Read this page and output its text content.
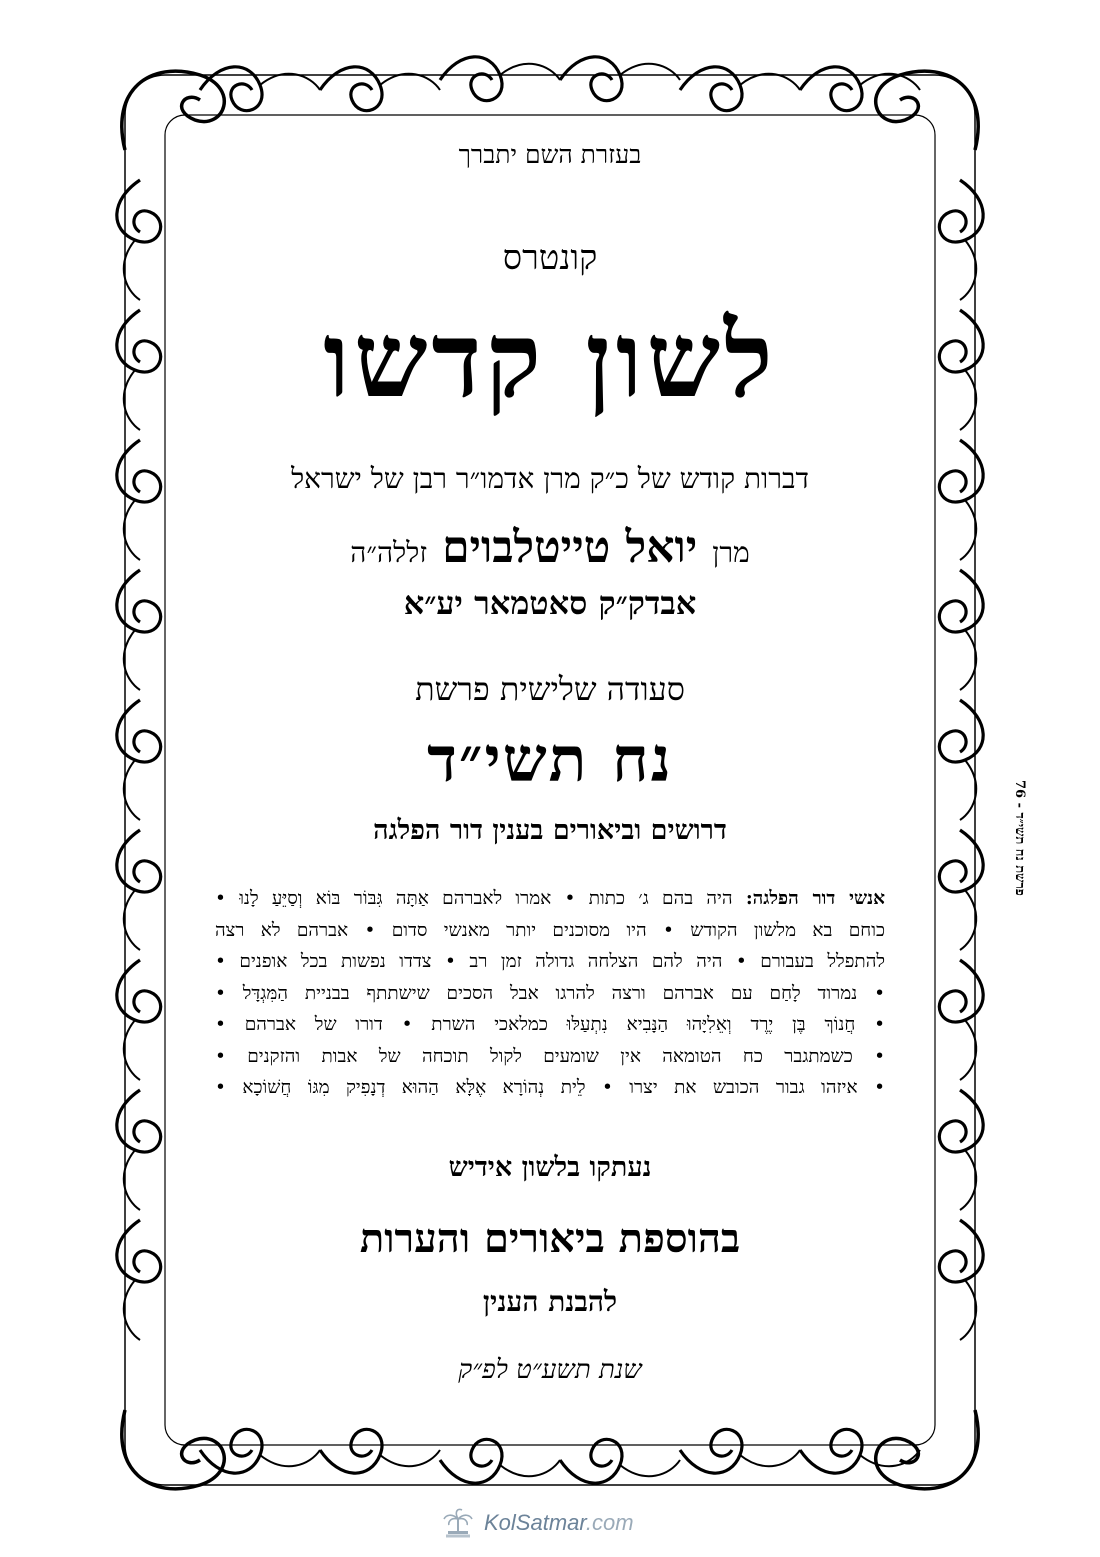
בעזרת השם יתברך
קונטרס
לשון קדשו
דברות קודש של כ״ק מרן אדמו״ר רבן של ישראל
מרן יואל טייטלבוים זללה״ה
אבדק״ק סאטמאר יע״א
סעודה שלישית פרשת
נח תשי״ד
דרושים וביאורים בענין דור הפלגה
אנשי דור הפלגה: היה בהם ג׳ כתות • אמרו לאברהם אַתָּה גִּבּוֹר בּוֹא וְסַיֵּעַ לָנוּ •
כוחם בא מלשון הקודש • היו מסוכנים יותר מאנשי סדום • אברהם לא רצה
להתפלל בעבורם • היה להם הצלחה גדולה זמן רב • צדדו נפשות בכל אופנים •
• נמרוד לָחַם עם אברהם ורצה להרגו אבל הסכים שישתתף בבניית הַמִּגְדָּל •
• חֲנוֹךְ בֶּן יֶרֶד וְאֵלִיָּהוּ הַנָּבִיא נִתְעַלּוּ כמלאכי השרת • דורו של אברהם •
• כשמתגבר כח הטומאה אין שומעים לקול תוכחה של אבות והזקנים •
• איזהו גבור הכובש את יצרו • לֵית נְהוֹרָא אֶלָּא הַהוּא דְנָפִיק מִגּוֹ חֲשׁוֹכָא •
נעתקו בלשון אידיש
בהוספת ביאורים והערות
להבנת הענין
שנת תשע״ט לפ״ק
פרשת נח תשי״ד - 76
KolSatmar.com
